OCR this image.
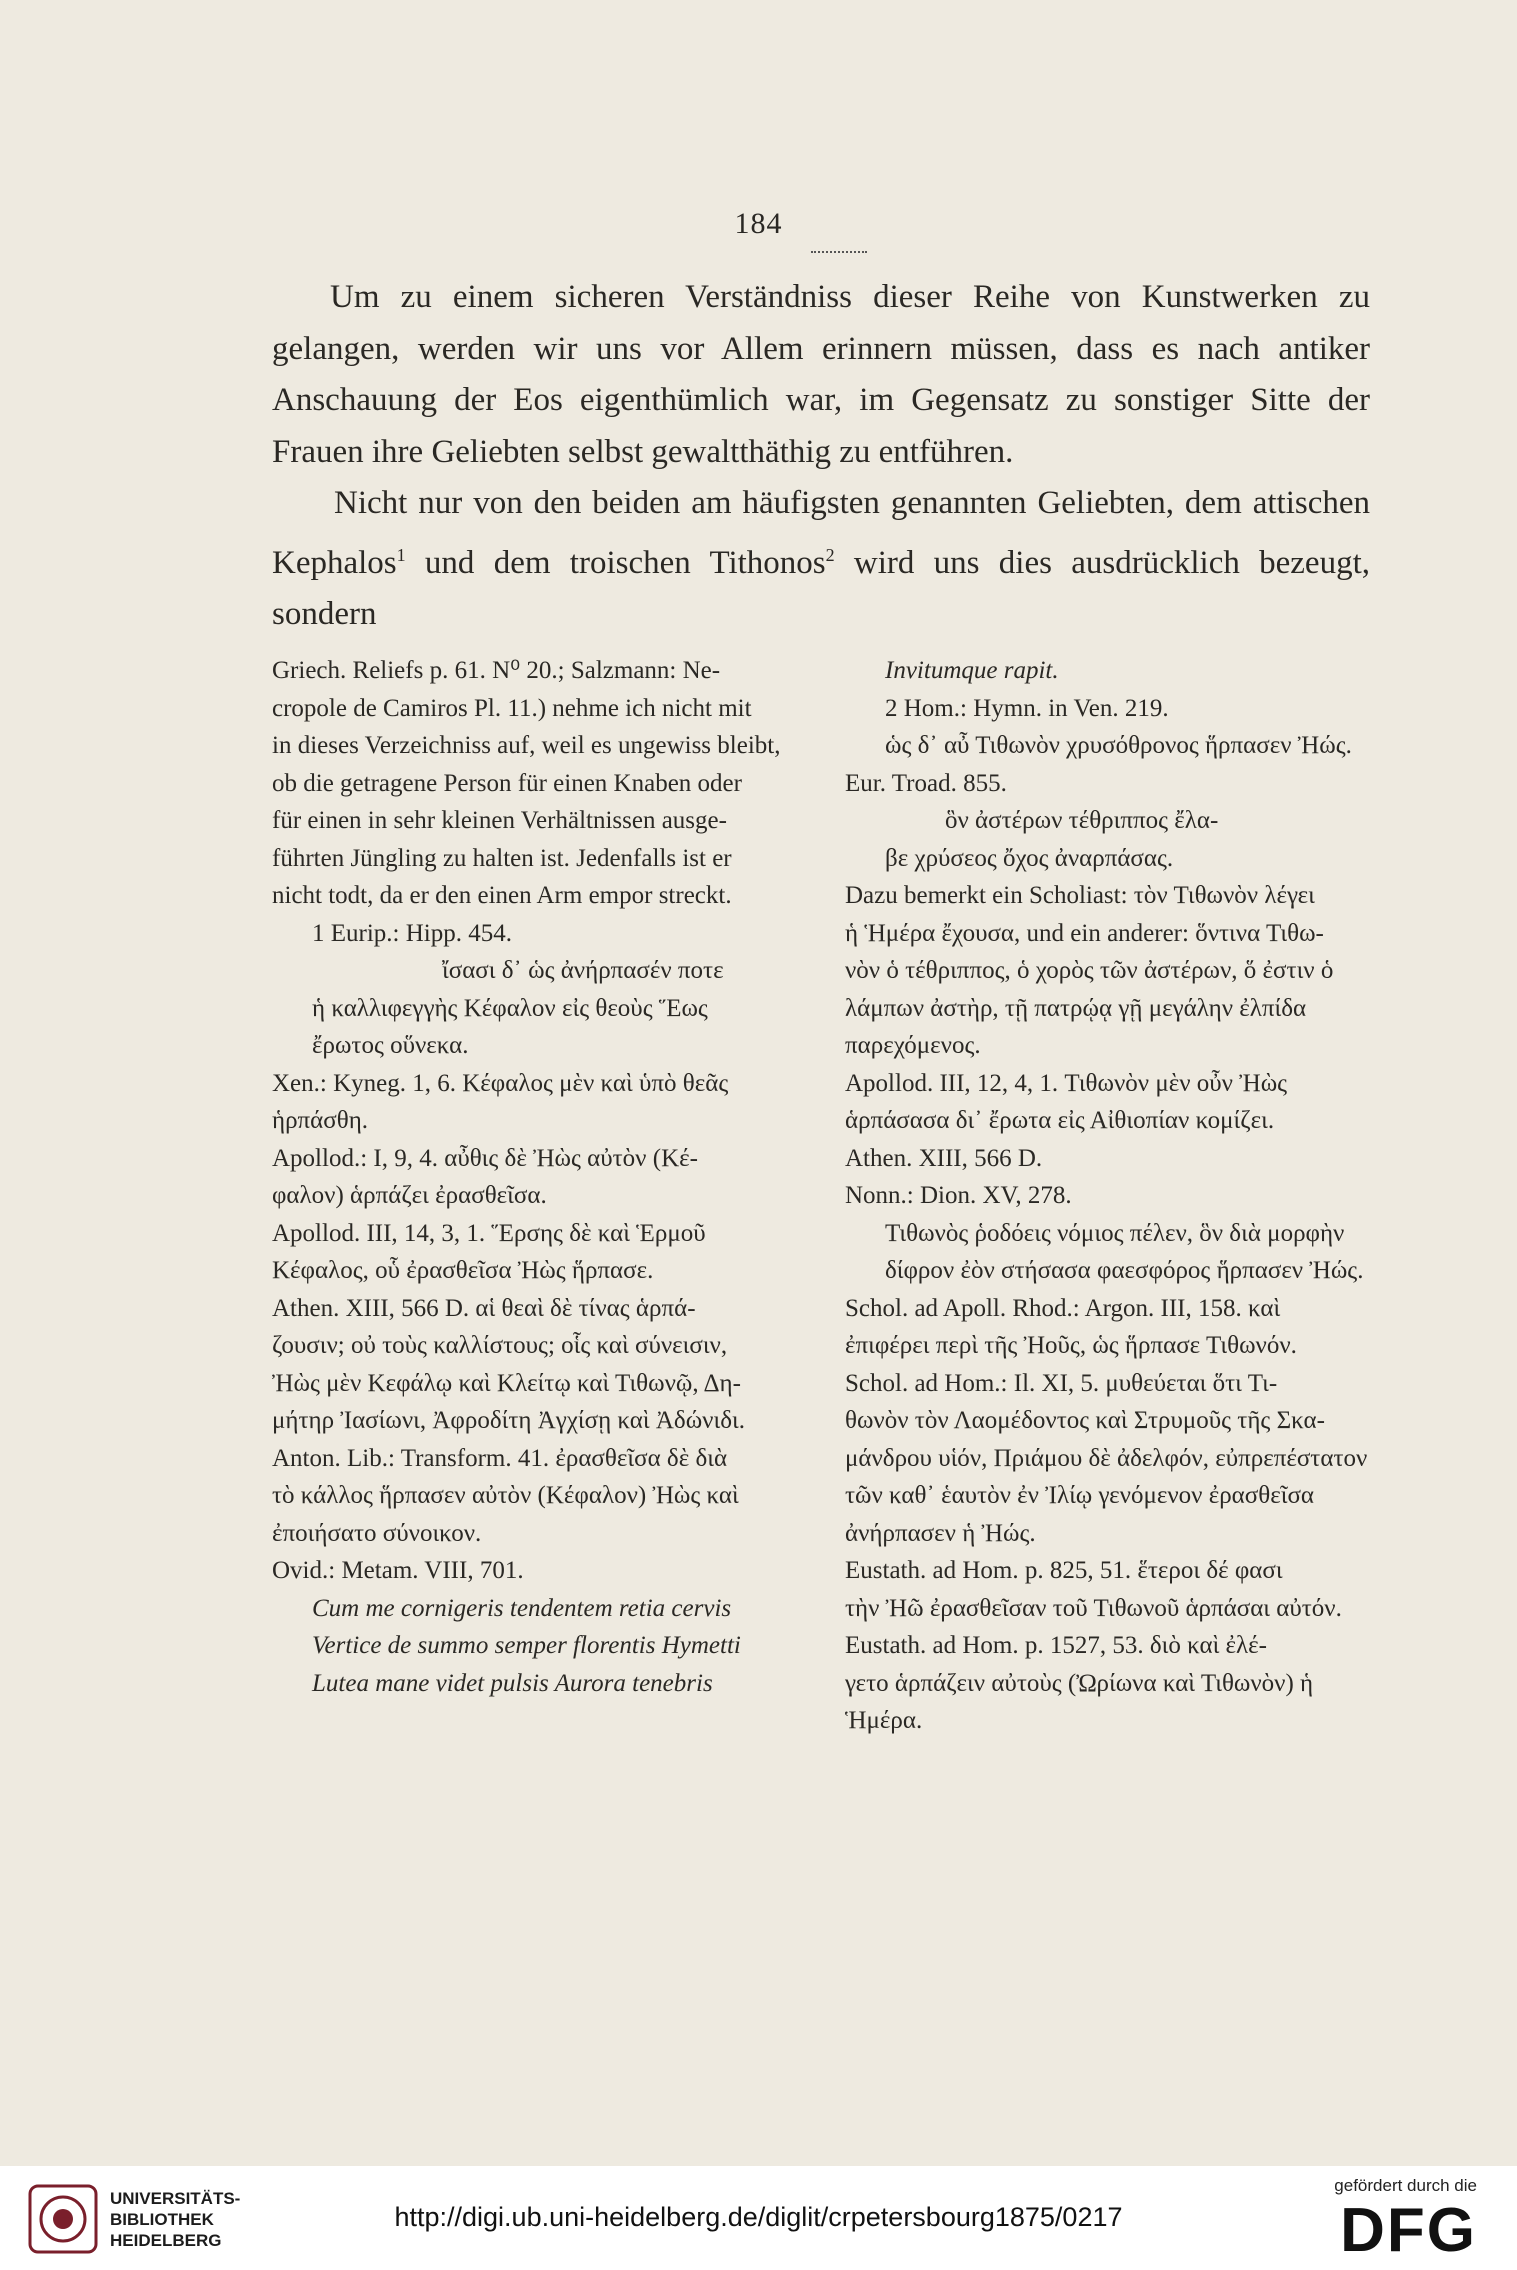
184

Um zu einem sicheren Verständniss dieser Reihe von Kunstwerken zu gelangen, werden wir uns vor Allem erinnern müssen, dass es nach antiker Anschauung der Eos eigenthümlich war, im Gegensatz zu sonstiger Sitte der Frauen ihre Geliebten selbst gewaltthäthig zu entführen.

Nicht nur von den beiden am häufigsten genannten Geliebten, dem attischen Kephalos$^1$ und dem troischen Tithonos$^2$ wird uns dies ausdrücklich bezeugt, sondern

Griech. Reliefs p. 61. N⁰ 20.; Salzmann: Ne-
cropole de Camiros Pl. 11.) nehme ich nicht mit
in dieses Verzeichniss auf, weil es ungewiss bleibt,
ob die getragene Person für einen Knaben oder
für einen in sehr kleinen Verhältnissen ausge-
führten Jüngling zu halten ist. Jedenfalls ist er
nicht todt, da er den einen Arm empor streckt.
1 Eurip.: Hipp. 454.
ἴσασι δ᾽ ὡς ἀνήρπασέν ποτε
ἡ καλλιφεγγὴς Κέφαλον εἰς θεοὺς Ἕως
ἔρωτος οὕνεκα.
Xen.: Kyneg. 1, 6. Κέφαλος μὲν καὶ ὑπὸ θεᾶς
ἡρπάσθη.
Apollod.: I, 9, 4. αὖθις δὲ Ἠὼς αὐτὸν (Κέ-
φαλον) ἁρπάζει ἐρασθεῖσα.
Apollod. III, 14, 3, 1. Ἕρσης δὲ καὶ Ἑρμοῦ
Κέφαλος, οὗ ἐρασθεῖσα Ἠὼς ἥρπασε.
Athen. XIII, 566 D. αἱ θεαὶ δὲ τίνας ἁρπά-
ζουσιν; οὐ τοὺς καλλίστους; οἷς καὶ σύνεισιν,
Ἠὼς μὲν Κεφάλῳ καὶ Κλείτῳ καὶ Τιθωνῷ, Δη-
μήτηρ Ἰασίωνι, Ἀφροδίτη Ἀγχίσῃ καὶ Ἀδώνιδι.
Anton. Lib.: Transform. 41. ἐρασθεῖσα δὲ διὰ
τὸ κάλλος ἥρπασεν αὐτὸν (Κέφαλον) Ἠὼς καὶ
ἐποιήσατο σύνοικον.
Ovid.: Metam. VIII, 701.
Cum me cornigeris tendentem retia cervis
Vertice de summo semper florentis Hymetti
Lutea mane videt pulsis Aurora tenebris
Invitumque rapit.
2 Hom.: Hymn. in Ven. 219.
ὡς δ᾽ αὖ Τιθωνὸν χρυσόθρονος ἥρπασεν Ἠώς.
Eur. Troad. 855.
ὃν ἀστέρων τέθριππος ἔλα-
βε χρύσεος ὄχος ἀναρπάσας.
Dazu bemerkt ein Scholiast: τὸν Τιθωνὸν λέγει
ἡ Ἡμέρα ἔχουσα, und ein anderer: ὅντινα Τιθω-
νὸν ὁ τέθριππος, ὁ χορὸς τῶν ἀστέρων, ὅ ἐστιν ὁ
λάμπων ἀστὴρ, τῇ πατρῴᾳ γῇ μεγάλην ἐλπίδα
παρεχόμενος.
Apollod. III, 12, 4, 1. Τιθωνὸν μὲν οὖν Ἠὼς
ἁρπάσασα δι᾽ ἔρωτα εἰς Αἰθιοπίαν κομίζει.
Athen. XIII, 566 D.
Nonn.: Dion. XV, 278.
Τιθωνὸς ῥοδόεις νόμιος πέλεν, ὃν διὰ μορφὴν
δίφρον ἐὸν στήσασα φαεσφόρος ἥρπασεν Ἠώς.
Schol. ad Apoll. Rhod.: Argon. III, 158. καὶ
ἐπιφέρει περὶ τῆς Ἠοῦς, ὡς ἥρπασε Τιθωνόν.
Schol. ad Hom.: Il. XI, 5. μυθεύεται ὅτι Τι-
θωνὸν τὸν Λαομέδοντος καὶ Στρυμοῦς τῆς Σκα-
μάνδρου υἱόν, Πριάμου δὲ ἀδελφόν, εὐπρεπέστατον
τῶν καθ᾽ ἑαυτὸν ἐν Ἰλίῳ γενόμενον ἐρασθεῖσα
ἀνήρπασεν ἡ Ἠώς.
Eustath. ad Hom. p. 825, 51. ἕτεροι δέ φασι
τὴν Ἠῶ ἐρασθεῖσαν τοῦ Τιθωνοῦ ἁρπάσαι αὐτόν.
Eustath. ad Hom. p. 1527, 53. διὸ καὶ ἐλέ-
γετο ἁρπάζειν αὐτοὺς (Ὠρίωνα καὶ Τιθωνὸν) ἡ
Ἡμέρα.
UNIVERSITÄTS-
BIBLIOTHEK
HEIDELBERG
http://digi.ub.uni-heidelberg.de/diglit/crpetersbourg1875/0217
gefördert durch die
DFG
